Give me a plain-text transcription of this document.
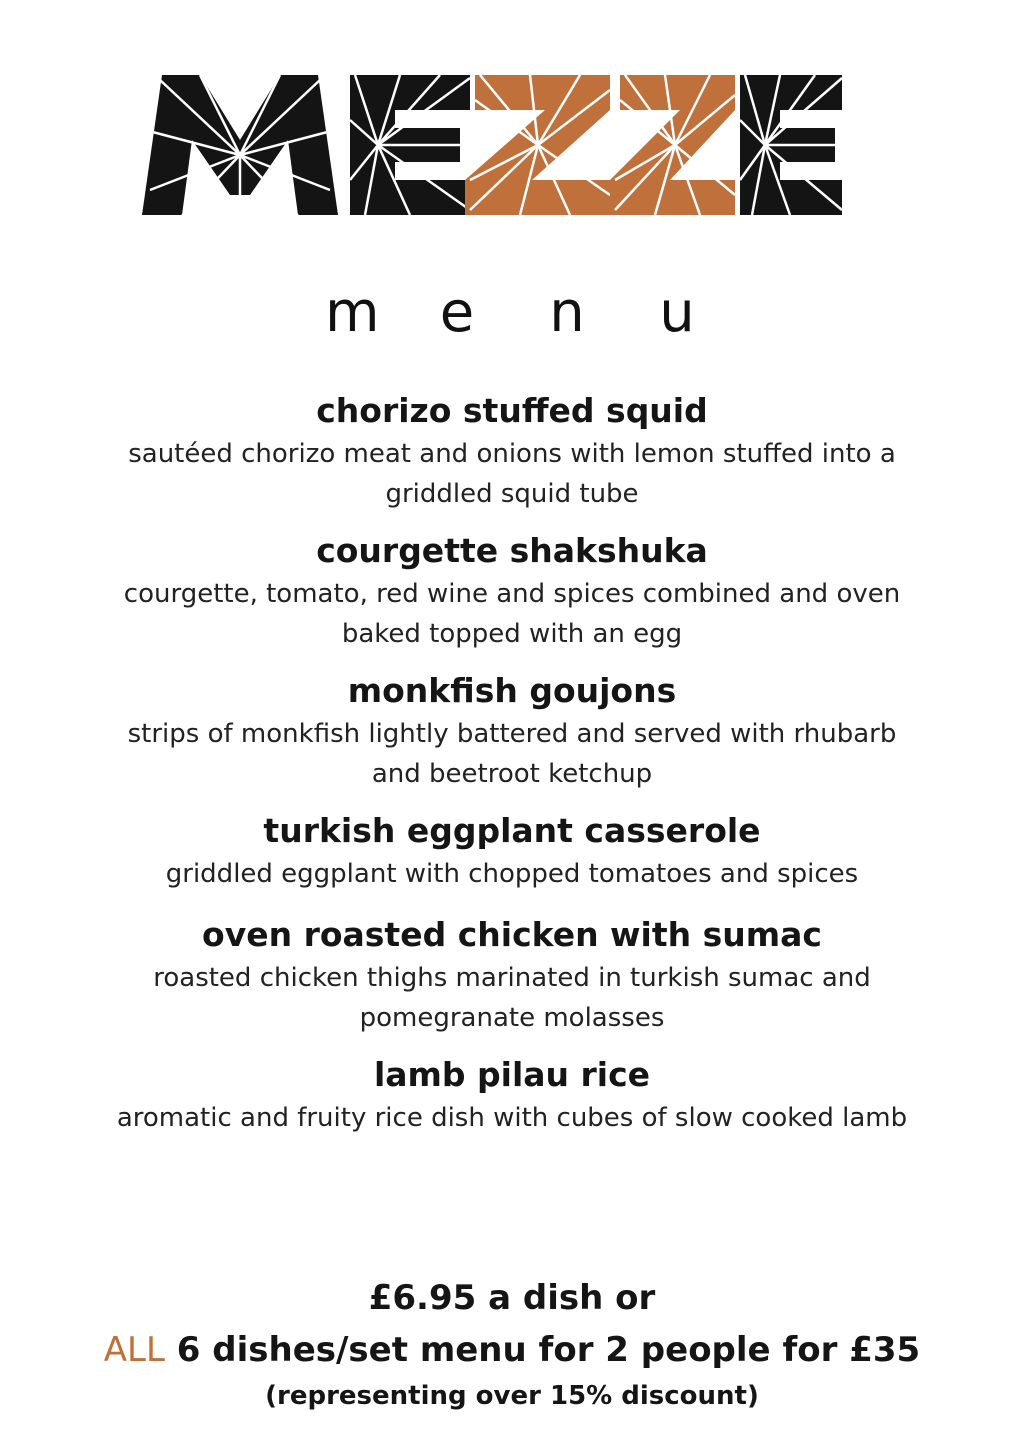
m e n u
chorizo stuffed squid
sautéed chorizo meat and onions with lemon stuffed into a griddled squid tube
courgette shakshuka
courgette, tomato, red wine and spices combined and oven baked topped with an egg
monkfish goujons
strips of monkfish lightly battered and served with rhubarb and beetroot ketchup
turkish eggplant casserole
griddled eggplant with chopped tomatoes and spices
oven roasted chicken with sumac
roasted chicken thighs marinated in turkish sumac and pomegranate molasses
lamb pilau rice
aromatic and fruity rice dish with cubes of slow cooked lamb
£6.95 a dish or
ALL 6 dishes/set menu for 2 people for £35
(representing over 15% discount)
